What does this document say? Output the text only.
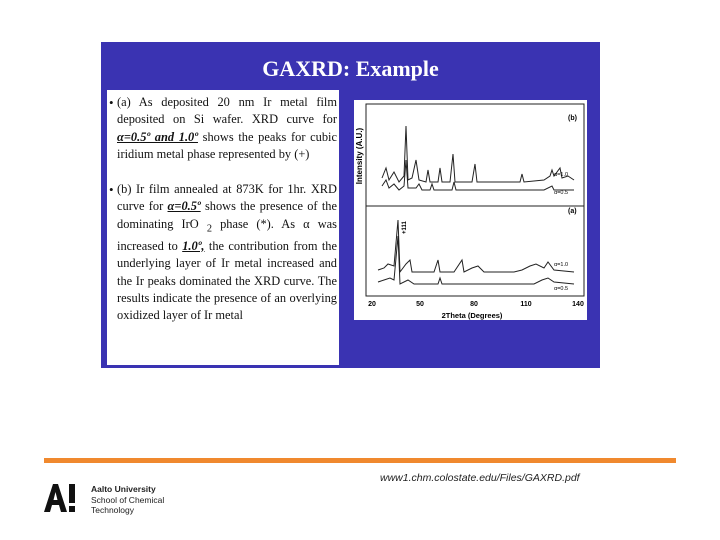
GAXRD: Example
• (a) As deposited 20 nm Ir metal film deposited on Si wafer. XRD curve for α=0.5º and 1.0º shows the peaks for cubic iridium metal phase represented by (+)
• (b) Ir film annealed at 873K for 1hr. XRD curve for α=0.5º shows the presence of the dominating IrO $_2$ phase (*). As α was increased to 1.0º, the contribution from the underlying layer of Ir metal increased and the Ir peaks dominated the XRD curve. The results indicate the presence of an overlying oxidized layer of Ir metal
Intensity (A.U.)
(b)
(a)
α=1.0
α=0.5
α=1.0
α=0.5
+111
20	50	80	110	140
2Theta (Degrees)
www1.chm.colostate.edu/Files/GAXRD.pdf
Aalto University
School of Chemical
Technology
